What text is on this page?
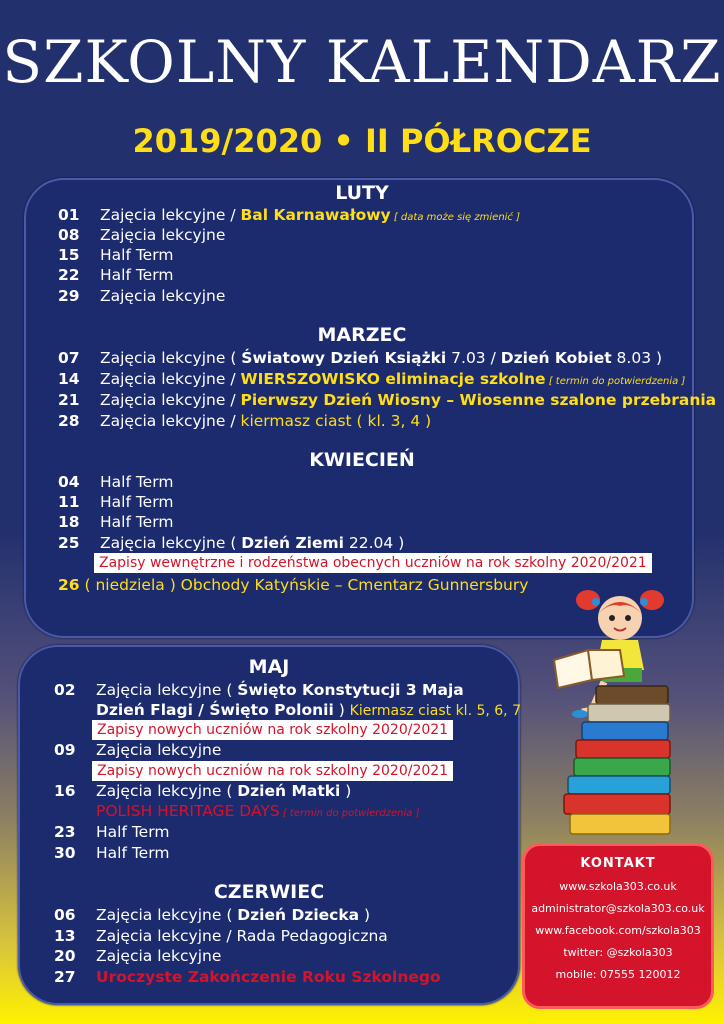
SZKOLNY KALENDARZ
2019/2020 • II PÓŁROCZE
LUTY
01 Zajęcia lekcyjne / Bal Karnawałowy [ data może się zmienić ]
08 Zajęcia lekcyjne
15 Half Term
22 Half Term
29 Zajęcia lekcyjne
MARZEC
07 Zajęcia lekcyjne ( Światowy Dzień Książki 7.03 / Dzień Kobiet 8.03 )
14 Zajęcia lekcyjne / WIERSZOWISKO eliminacje szkolne [ termin do potwierdzenia ]
21 Zajęcia lekcyjne / Pierwszy Dzień Wiosny – Wiosenne szalone przebrania
28 Zajęcia lekcyjne / kiermasz ciast ( kl. 3, 4 )
KWIECIEŃ
04 Half Term
11 Half Term
18 Half Term
25 Zajęcia lekcyjne ( Dzień Ziemi 22.04 )
Zapisy wewnętrzne i rodzeństwa obecnych uczniów na rok szkolny 2020/2021
26 ( niedziela ) Obchody Katyńskie – Cmentarz Gunnersbury
MAJ
02 Zajęcia lekcyjne ( Święto Konstytucji 3 Maja
Dzień Flagi / Święto Polonii ) Kiermasz ciast kl. 5, 6, 7
Zapisy nowych uczniów na rok szkolny 2020/2021
09 Zajęcia lekcyjne
Zapisy nowych uczniów na rok szkolny 2020/2021
16 Zajęcia lekcyjne ( Dzień Matki )
POLISH HERITAGE DAYS [ termin do potwierdzenia ]
23 Half Term
30 Half Term
CZERWIEC
06 Zajęcia lekcyjne ( Dzień Dziecka )
13 Zajęcia lekcyjne / Rada Pedagogiczna
20 Zajęcia lekcyjne
27 Uroczyste Zakończenie Roku Szkolnego
KONTAKT
www.szkola303.co.uk
administrator@szkola303.co.uk
www.facebook.com/szkola303
twitter: @szkola303
mobile: 07555 120012
